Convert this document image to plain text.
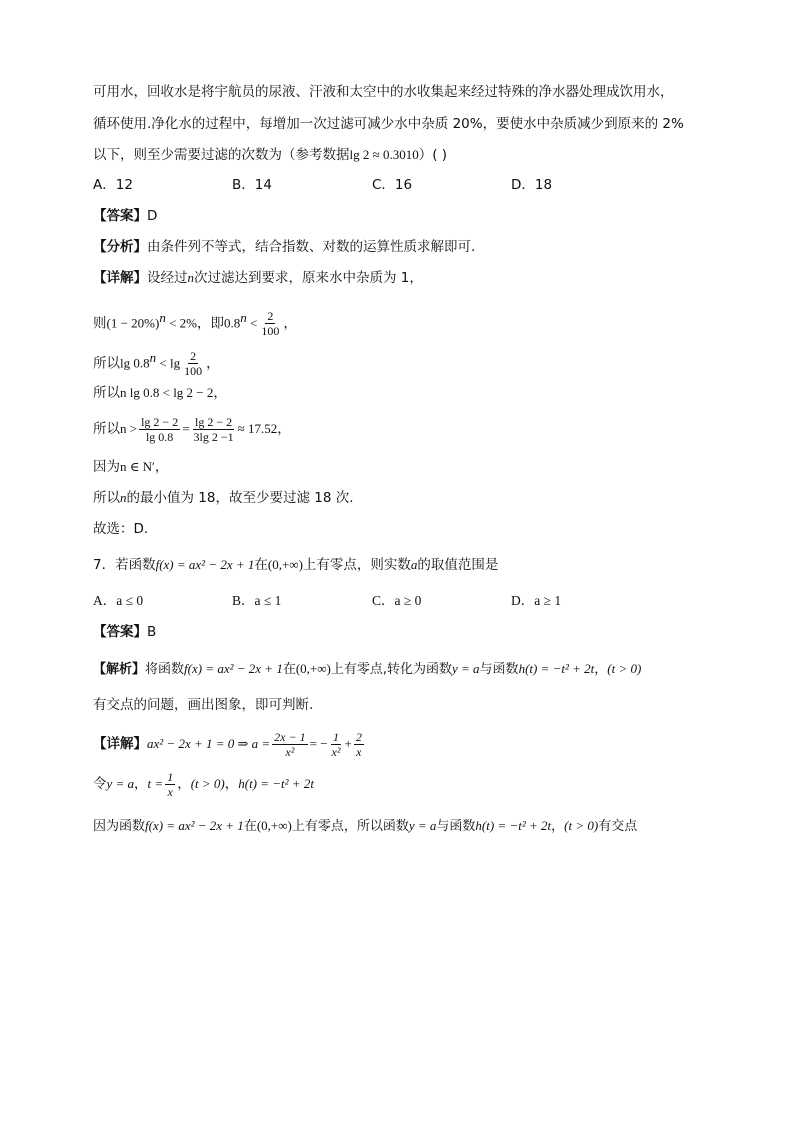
可用水，回收水是将宇航员的尿液、汗液和太空中的水收集起来经过特殊的净水器处理成饮用水，
循环使用.净化水的过程中，每增加一次过滤可减少水中杂质 20%，要使水中杂质减少到原来的 2%
以下，则至少需要过滤的次数为（参考数据lg 2 ≈ 0.3010）( )
A．12	B．14	C．16	D．18
【答案】D
【分析】由条件列不等式，结合指数、对数的运算性质求解即可.
【详解】设经过n次过滤达到要求，原来水中杂质为 1，
则$(1 - 20\%)^n < 2\%$，即$0.8^n < \frac{2}{100}$ ，
所以$\lg 0.8^n < \lg \frac{2}{100}$ ，
所以n lg 0.8 < lg 2 − 2，
所以$n > \frac{\lg 2 - 2}{\lg 0.8} = \frac{\lg 2 - 2}{3\lg 2 -1} \approx 17.52$，
因为n ∈ N′，
所以n的最小值为 18，故至少要过滤 18 次.
故选：D.
7．若函数f(x) = ax² − 2x + 1在(0,+∞)上有零点，则实数a的取值范围是
A．a ≤ 0	B．a ≤ 1	C．a ≥ 0	D．a ≥ 1
【答案】B
【解析】将函数f(x) = ax² − 2x + 1在(0,+∞)上有零点,转化为函数y = a与函数h(t) = −t² + 2t，(t > 0)
有交点的问题，画出图象，即可判断.
【详解】ax² − 2x + 1 = 0 ⇒ $a = \frac{2x - 1}{\text{x²}}$ = − $\frac{1}{\text{x²}} + \frac{2}{x}$
令y = a，$t = \frac{1}{x}$ ，(t > 0)，h(t) = −t² + 2t
因为函数f(x) = ax² − 2x + 1在(0,+∞)上有零点，所以函数y = a与函数h(t) = −t² + 2t，(t > 0)有交点
